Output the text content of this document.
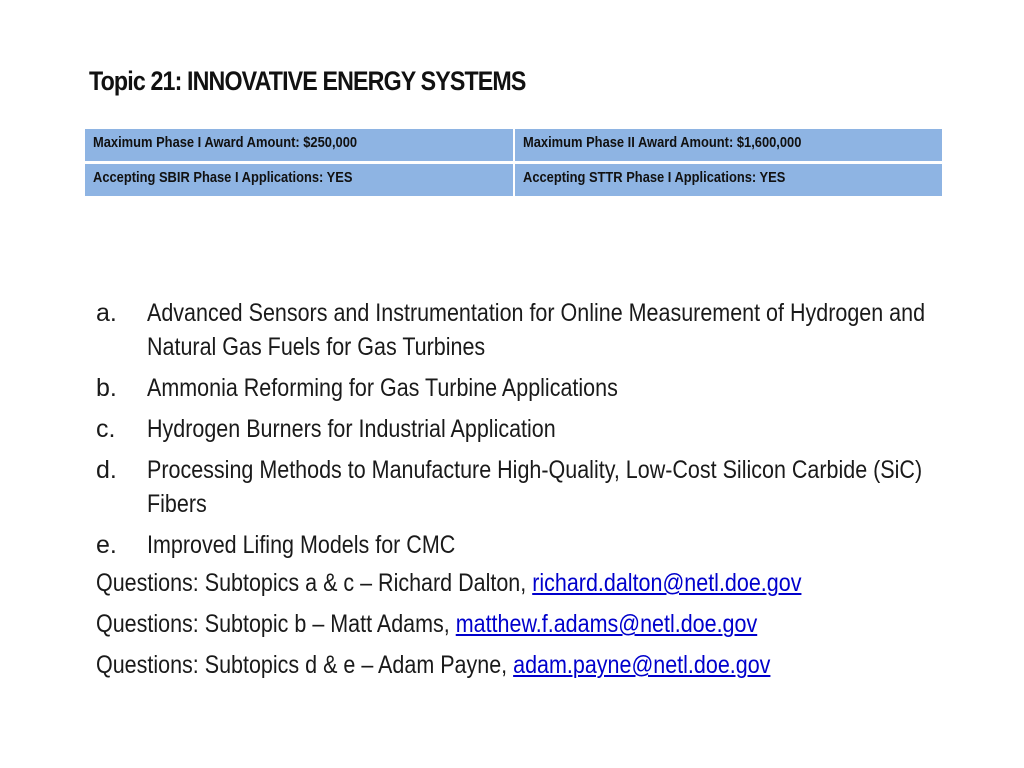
Topic 21: INNOVATIVE ENERGY SYSTEMS
Maximum Phase I Award Amount: $250,000	Maximum Phase II Award Amount: $1,600,000
Accepting SBIR Phase I Applications: YES	Accepting STTR Phase I Applications: YES
a. Advanced Sensors and Instrumentation for Online Measurement of Hydrogen and Natural Gas Fuels for Gas Turbines
b. Ammonia Reforming for Gas Turbine Applications
c. Hydrogen Burners for Industrial Application
d. Processing Methods to Manufacture High-Quality, Low-Cost Silicon Carbide (SiC) Fibers
e. Improved Lifing Models for CMC
Questions: Subtopics a & c – Richard Dalton, richard.dalton@netl.doe.gov
Questions: Subtopic b – Matt Adams, matthew.f.adams@netl.doe.gov
Questions: Subtopics d & e – Adam Payne, adam.payne@netl.doe.gov
